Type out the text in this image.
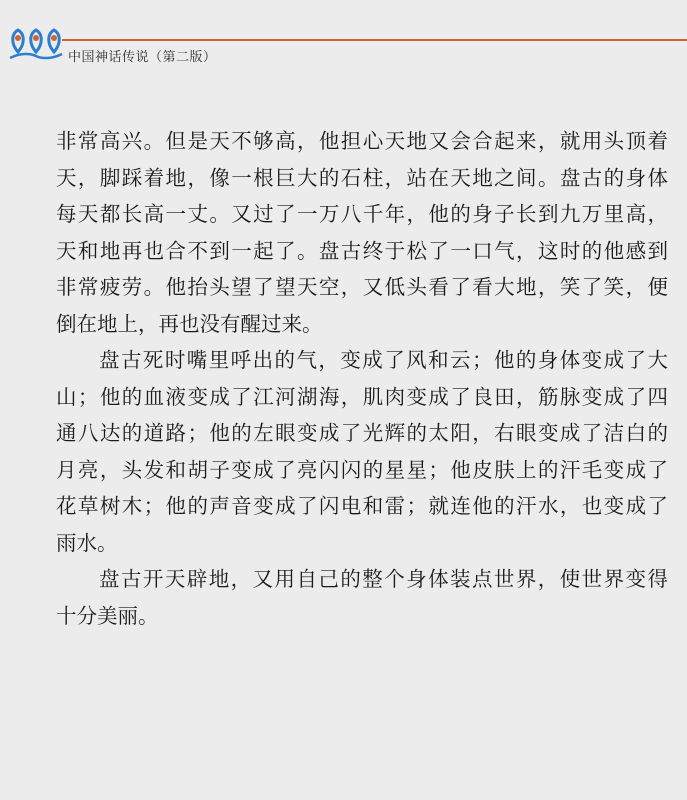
中国神话传说（第二版）
非常高兴。但是天不够高，他担心天地又会合起来，就用头顶着
天，脚踩着地，像一根巨大的石柱，站在天地之间。盘古的身体
每天都长高一丈。又过了一万八千年，他的身子长到九万里高，
天和地再也合不到一起了。盘古终于松了一口气，这时的他感到
非常疲劳。他抬头望了望天空，又低头看了看大地，笑了笑，便
倒在地上，再也没有醒过来。
盘古死时嘴里呼出的气，变成了风和云；他的身体变成了大
山；他的血液变成了江河湖海，肌肉变成了良田，筋脉变成了四
通八达的道路；他的左眼变成了光辉的太阳，右眼变成了洁白的
月亮，头发和胡子变成了亮闪闪的星星；他皮肤上的汗毛变成了
花草树木；他的声音变成了闪电和雷；就连他的汗水，也变成了
雨水。
盘古开天辟地，又用自己的整个身体装点世界，使世界变得
十分美丽。
